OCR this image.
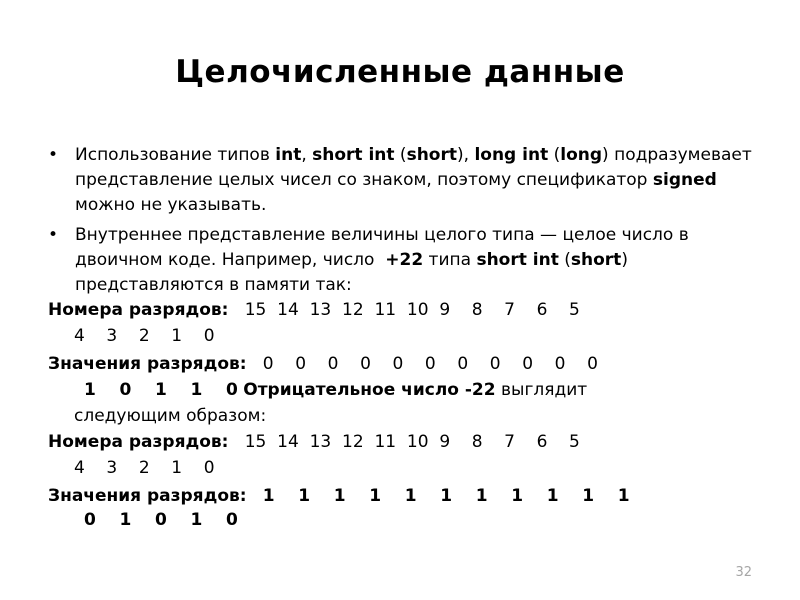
Целочисленные данные
• Использование типов int, short int (short), long int (long) подразумевает представление целых чисел со знаком, поэтому спецификатор signed можно не указывать.
• Внутреннее представление величины целого типа — целое число в двоичном коде. Например, число  +22 типа short int (short) представляются в памяти так:
Номера разрядов: 15  14  13  12  11  10  9    8    7    6    5
4    3    2    1    0
Значения разрядов: 0    0    0    0    0    0    0    0    0    0    0
1    0    1    1    0 Отрицательное число -22 выглядит
следующим образом:
Номера разрядов: 15  14  13  12  11  10  9    8    7    6    5
4    3    2    1    0
Значения разрядов: 1    1    1    1    1    1    1    1    1    1    1
0    1    0    1    0
32
